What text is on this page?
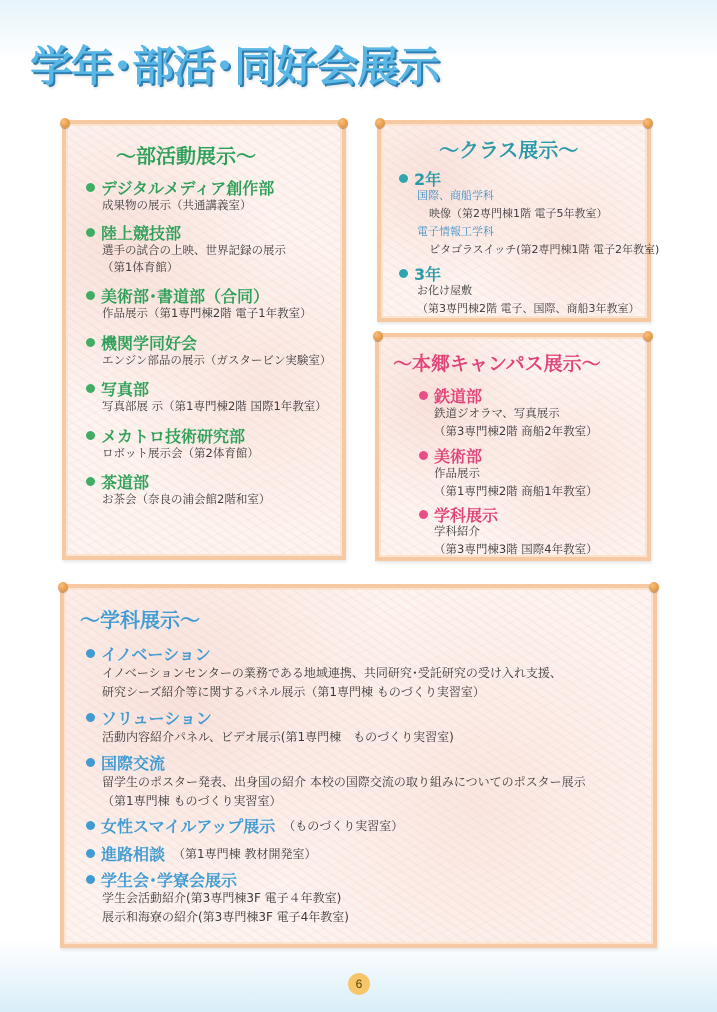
学年･部活･同好会展示
～部活動展示～
デジタルメディア創作部
成果物の展示（共通講義室）
陸上競技部
選手の試合の上映、世界記録の展示
（第1体育館）
美術部･書道部（合同）
作品展示（第1専門棟2階 電子1年教室）
機関学同好会
エンジン部品の展示（ガスタービン実験室）
写真部
写真部展 示（第1専門棟2階 国際1年教室）
メカトロ技術研究部
ロボット展示会（第2体育館）
茶道部
お茶会（奈良の浦会館2階和室）
～クラス展示～
2年
国際、商船学科
映像（第2専門棟1階 電子5年教室）
電子情報工学科
ピタゴラスイッチ(第2専門棟1階 電子2年教室)
3年
お化け屋敷
（第3専門棟2階 電子、国際、商船3年教室）
～本郷キャンパス展示～
鉄道部
鉄道ジオラマ、写真展示
（第3専門棟2階 商船2年教室）
美術部
作品展示
（第1専門棟2階 商船1年教室）
学科展示
学科紹介
（第3専門棟3階 国際4年教室）
～学科展示～
イノベーション
イノベーションセンターの業務である地域連携、共同研究･受託研究の受け入れ支援、
研究シーズ紹介等に関するパネル展示（第1専門棟 ものづくり実習室）
ソリューション
活動内容紹介パネル、ビデオ展示(第1専門棟　ものづくり実習室)
国際交流
留学生のポスター発表、出身国の紹介 本校の国際交流の取り組みについてのポスター展示
（第1専門棟 ものづくり実習室）
女性スマイルアップ展示 （ものづくり実習室）
進路相談 （第1専門棟 教材開発室）
学生会･学寮会展示
学生会活動紹介(第3専門棟3F 電子４年教室)
展示和海寮の紹介(第3専門棟3F 電子4年教室)
6
